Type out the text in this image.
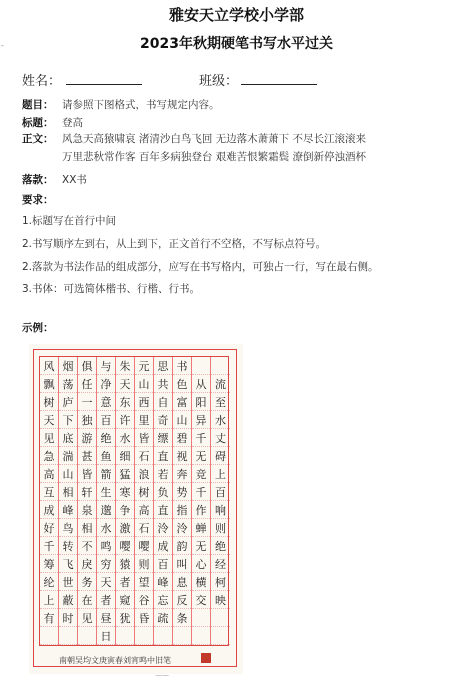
雅安天立学校小学部
2023年秋期硬笔书写水平过关
-
姓名：	班级：
题目： 请参照下图格式，书写规定内容。
标题： 登高
正文： 风急天高猿啸哀 渚清沙白鸟飞回 无边落木萧萧下 不尽长江滚滚来
万里悲秋常作客 百年多病独登台 艰难苦恨繁霜鬓 潦倒新停浊酒杯
落款： XX书
要求：
1.标题写在首行中间
2.书写顺序左到右，从上到下，正文首行不空格，不写标点符号。
2.落款为书法作品的组成部分，应写在书写格内，可独占一行，写在最右侧。
3.书体：可选简体楷书、行楷、行书。
示例：
风
飘
树
天
见
急
高
互
成
好
千
筹
纶
上
有
烟
荡
庐
下
底
湍
山
相
峰
鸟
转
飞
世
蔽
时
俱
任
一
独
游
甚
皆
轩
泉
相
不
戾
务
在
见
与
净
意
百
绝
鱼
箭
生
邈
水
鸣
穷
天
者
昼
日
朱
天
东
许
水
细
猛
寒
争
激
嘤
猿
者
窥
犹
元
山
西
里
皆
石
浪
树
高
石
嘤
则
望
谷
昏
思
共
自
奇
缥
直
若
负
直
泠
成
百
峰
忘
疏
书
色
富
山
碧
视
奔
势
指
泠
韵
叫
息
反
条
从
阳
异
千
无
竞
千
作
蝉
无
心
横
交
流
至
水
丈
碍
上
百
响
则
绝
经
柯
映
南朝吴均文庚寅春刘宵鸣中旧笔
——
